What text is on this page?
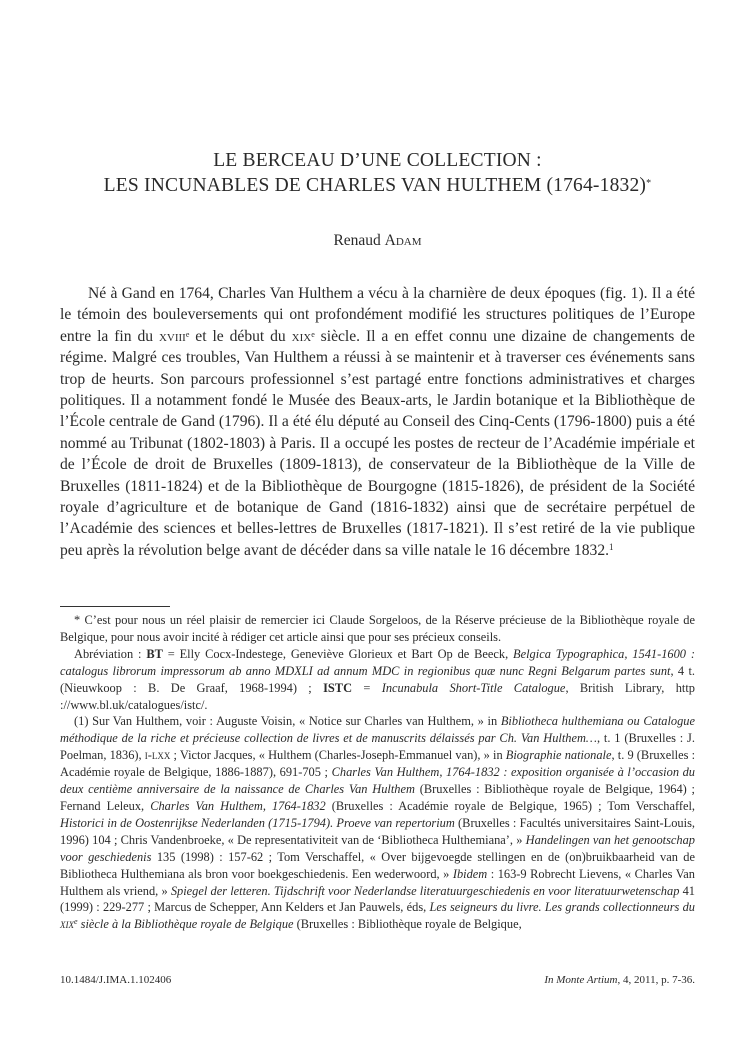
LE BERCEAU D’UNE COLLECTION :
LES INCUNABLES DE CHARLES VAN HULTHEM (1764-1832)*
Renaud Adam
Né à Gand en 1764, Charles Van Hulthem a vécu à la charnière de deux époques (fig. 1). Il a été le témoin des bouleversements qui ont profondément modifié les structures politiques de l’Europe entre la fin du xviii$^e$ et le début du xix$^e$ siècle. Il a en effet connu une dizaine de changements de régime. Malgré ces troubles, Van Hulthem a réussi à se maintenir et à traverser ces événements sans trop de heurts. Son parcours professionnel s’est partagé entre fonctions administratives et charges politiques. Il a notamment fondé le Musée des Beaux-arts, le Jardin botanique et la Bibliothèque de l’École centrale de Gand (1796). Il a été élu député au Conseil des Cinq-Cents (1796-1800) puis a été nommé au Tribunat (1802-1803) à Paris. Il a occupé les postes de recteur de l’Académie impériale et de l’École de droit de Bruxelles (1809-1813), de conservateur de la Bibliothèque de la Ville de Bruxelles (1811-1824) et de la Bibliothèque de Bourgogne (1815-1826), de président de la Société royale d’agriculture et de botanique de Gand (1816-1832) ainsi que de secrétaire perpétuel de l’Académie des sciences et belles-lettres de Bruxelles (1817-1821). Il s’est retiré de la vie publique peu après la révolution belge avant de décéder dans sa ville natale le 16 décembre 1832.$^1$

* C’est pour nous un réel plaisir de remercier ici Claude Sorgeloos, de la Réserve précieuse de la Bibliothèque royale de Belgique, pour nous avoir incité à rédiger cet article ainsi que pour ses précieux conseils.

Abréviation : BT = Elly Cocx-Indestege, Geneviève Glorieux et Bart Op de Beeck, Belgica Typographica, 1541-1600 : catalogus librorum impressorum ab anno MDXLI ad annum MDC in regionibus quæ nunc Regni Belgarum partes sunt, 4 t. (Nieuwkoop : B. De Graaf, 1968-1994) ; ISTC = Incunabula Short-Title Catalogue, British Library, http ://www.bl.uk/catalogues/istc/.

(1) Sur Van Hulthem, voir : Auguste Voisin, « Notice sur Charles van Hulthem, » in Bibliotheca hulthemiana ou Catalogue méthodique de la riche et précieuse collection de livres et de manuscrits délaissés par Ch. Van Hulthem…, t. 1 (Bruxelles : J. Poelman, 1836), i-lxx ; Victor Jacques, « Hulthem (Charles-Joseph-Emmanuel van), » in Biographie nationale, t. 9 (Bruxelles : Académie royale de Belgique, 1886-1887), 691-705 ; Charles Van Hulthem, 1764-1832 : exposition organisée à l’occasion du deux centième anniversaire de la naissance de Charles Van Hulthem (Bruxelles : Bibliothèque royale de Belgique, 1964) ; Fernand Leleux, Charles Van Hulthem, 1764-1832 (Bruxelles : Académie royale de Belgique, 1965) ; Tom Verschaffel, Historici in de Oostenrijkse Nederlanden (1715-1794). Proeve van repertorium (Bruxelles : Facultés universitaires Saint-Louis, 1996) 104 ; Chris Vandenbroeke, « De representativiteit van de ‘Bibliotheca Hulthemiana’, » Handelingen van het genootschap voor geschiedenis 135 (1998) : 157-62 ; Tom Verschaffel, « Over bijgevoegde stellingen en de (on)bruikbaarheid van de Bibliotheca Hulthemiana als bron voor boekgeschiedenis. Een wederwoord, » Ibidem : 163-9 Robrecht Lievens, « Charles Van Hulthem als vriend, » Spiegel der letteren. Tijdschrift voor Nederlandse literatuurgeschiedenis en voor literatuurwetenschap 41 (1999) : 229-277 ; Marcus de Schepper, Ann Kelders et Jan Pauwels, éds, Les seigneurs du livre. Les grands collectionneurs du xix$^e$ siècle à la Bibliothèque royale de Belgique (Bruxelles : Bibliothèque royale de Belgique,

10.1484/J.IMA.1.102406	In Monte Artium, 4, 2011, p. 7-36.
